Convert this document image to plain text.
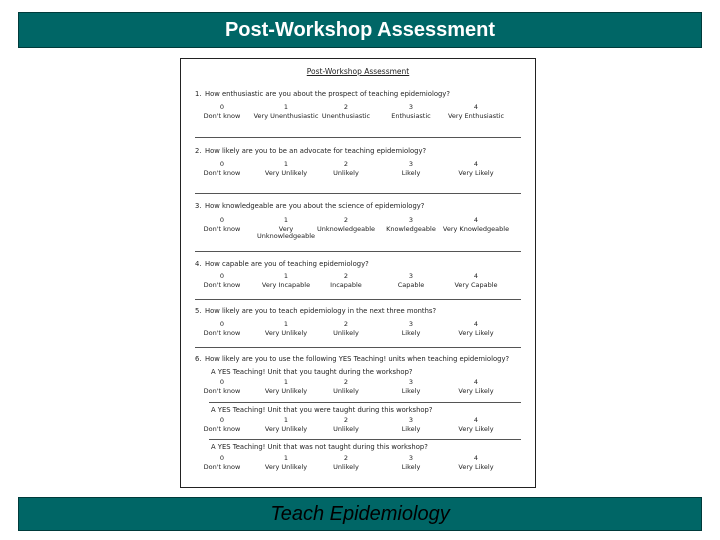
Post-Workshop Assessment
Post-Workshop Assessment
1. How enthusiastic are you about the prospect of teaching epidemiology?
2. How likely are you to be an advocate for teaching epidemiology?
3. How knowledgeable are you about the science of epidemiology?
4. How capable are you of teaching epidemiology?
5. How likely are you to teach epidemiology in the next three months?
6. How likely are you to use the following YES Teaching! units when teaching epidemiology?
A YES Teaching! Unit that you taught during the workshop?
A YES Teaching! Unit that you were taught during this workshop?
A YES Teaching! Unit that was not taught during this workshop?
0
Don't know
1
Very Unenthusiastic
2
Unenthusiastic
3
Enthusiastic
4
Very Enthusiastic
0
Don't know
1
Very Unlikely
2
Unlikely
3
Likely
4
Very Likely
0
Don't know
1
Very Unknowledgeable
2
Unknowledgeable
3
Knowledgeable
4
Very Knowledgeable
0
Don't know
1
Very Incapable
2
Incapable
3
Capable
4
Very Capable
0
Don't know
1
Very Unlikely
2
Unlikely
3
Likely
4
Very Likely
0
Don't know
1
Very Unlikely
2
Unlikely
3
Likely
4
Very Likely
0
Don't know
1
Very Unlikely
2
Unlikely
3
Likely
4
Very Likely
0
Don't know
1
Very Unlikely
2
Unlikely
3
Likely
4
Very Likely
Teach Epidemiology
